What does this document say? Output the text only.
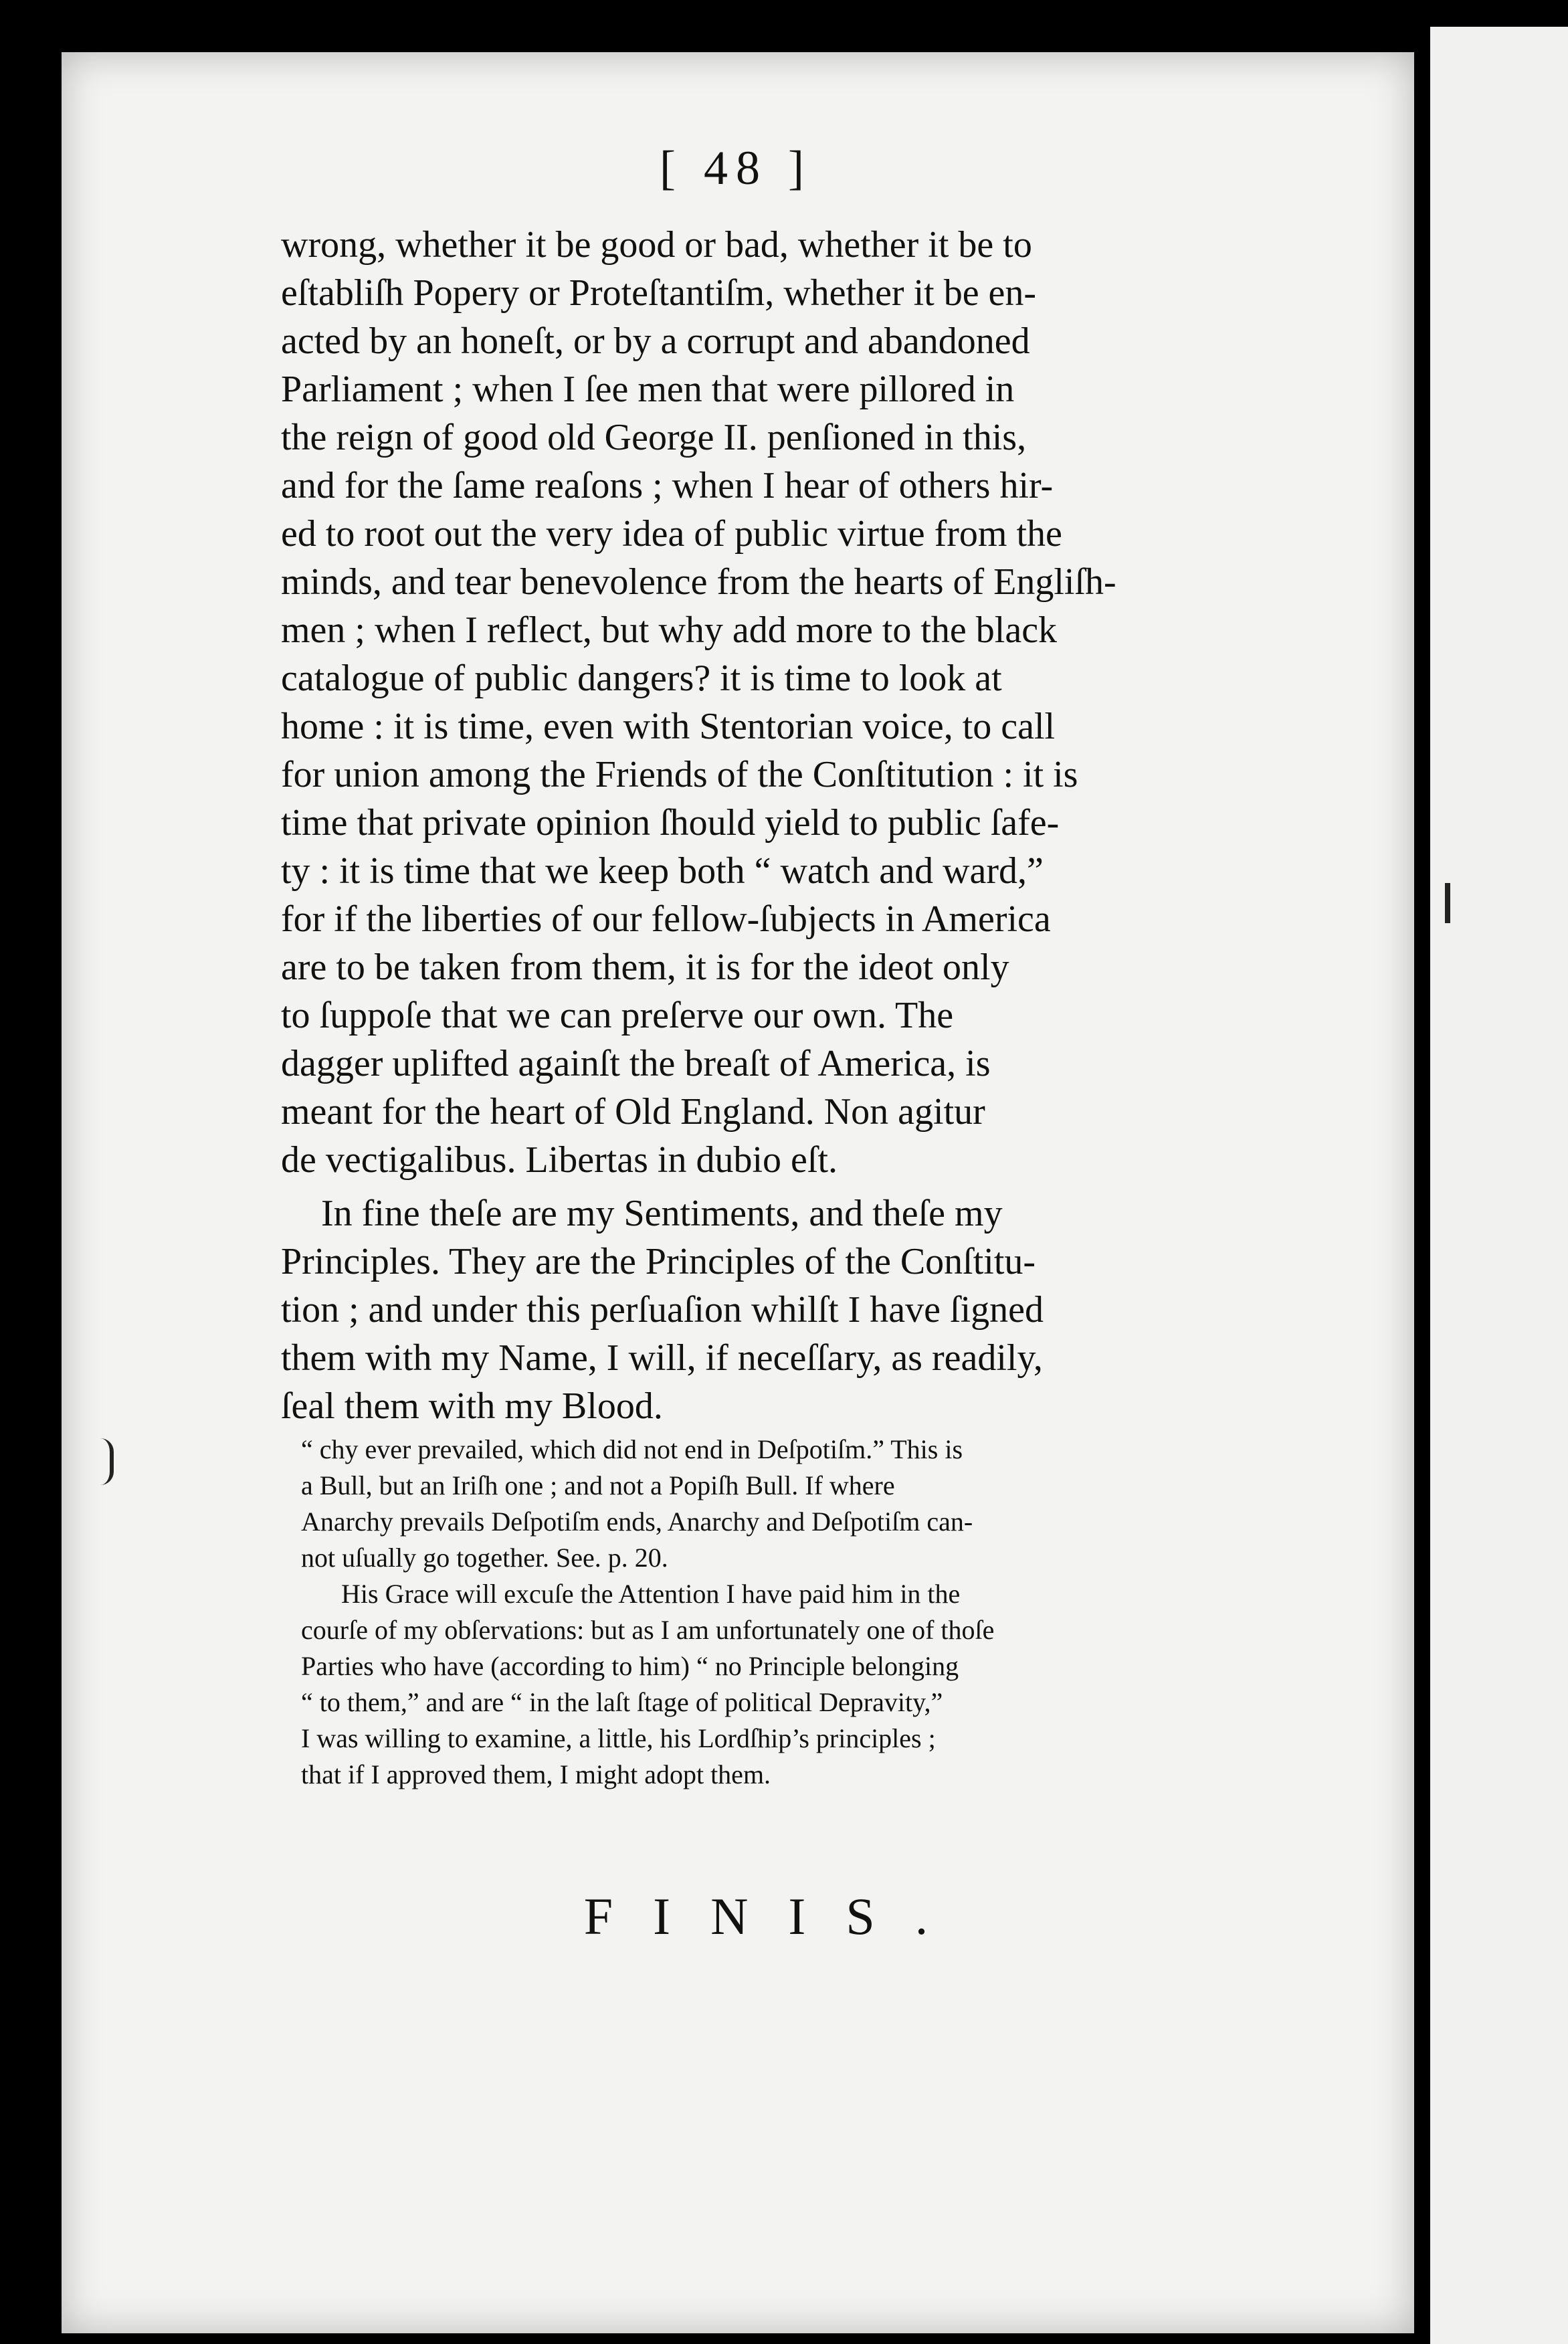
[ 48 ]

wrong, whether it be good or bad, whether it be to
eſtabliſh Popery or Proteſtantiſm, whether it be en-
acted by an honeſt, or by a corrupt and abandoned
Parliament ; when I ſee men that were pillored in
the reign of good old George II. penſioned in this,
and for the ſame reaſons ; when I hear of others hir-
ed to root out the very idea of public virtue from the
minds, and tear benevolence from the hearts of Engliſh-
men ; when I reflect, but why add more to the black
catalogue of public dangers? it is time to look at
home : it is time, even with Stentorian voice, to call
for union among the Friends of the Conſtitution : it is
time that private opinion ſhould yield to public ſafe-
ty : it is time that we keep both “ watch and ward,”
for if the liberties of our fellow-ſubjects in America
are to be taken from them, it is for the ideot only
to ſuppoſe that we can preſerve our own. The
dagger uplifted againſt the breaſt of America, is
meant for the heart of Old England. Non agitur
de vectigalibus. Libertas in dubio eſt.

In fine theſe are my Sentiments, and theſe my
Principles. They are the Principles of the Conſtitu-
tion ; and under this perſuaſion whilſt I have ſigned
them with my Name, I will, if neceſſary, as readily,
ſeal them with my Blood.

“ chy ever prevailed, which did not end in Deſpotiſm.” This is
a Bull, but an Iriſh one ; and not a Popiſh Bull. If where
Anarchy prevails Deſpotiſm ends, Anarchy and Deſpotiſm can-
not uſually go together. See. p. 20.

His Grace will excuſe the Attention I have paid him in the
courſe of my obſervations: but as I am unfortunately one of thoſe
Parties who have (according to him) “ no Principle belonging
“ to them,” and are “ in the laſt ſtage of political Depravity,”
I was willing to examine, a little, his Lordſhip’s principles ;
that if I approved them, I might adopt them.

FINIS.
